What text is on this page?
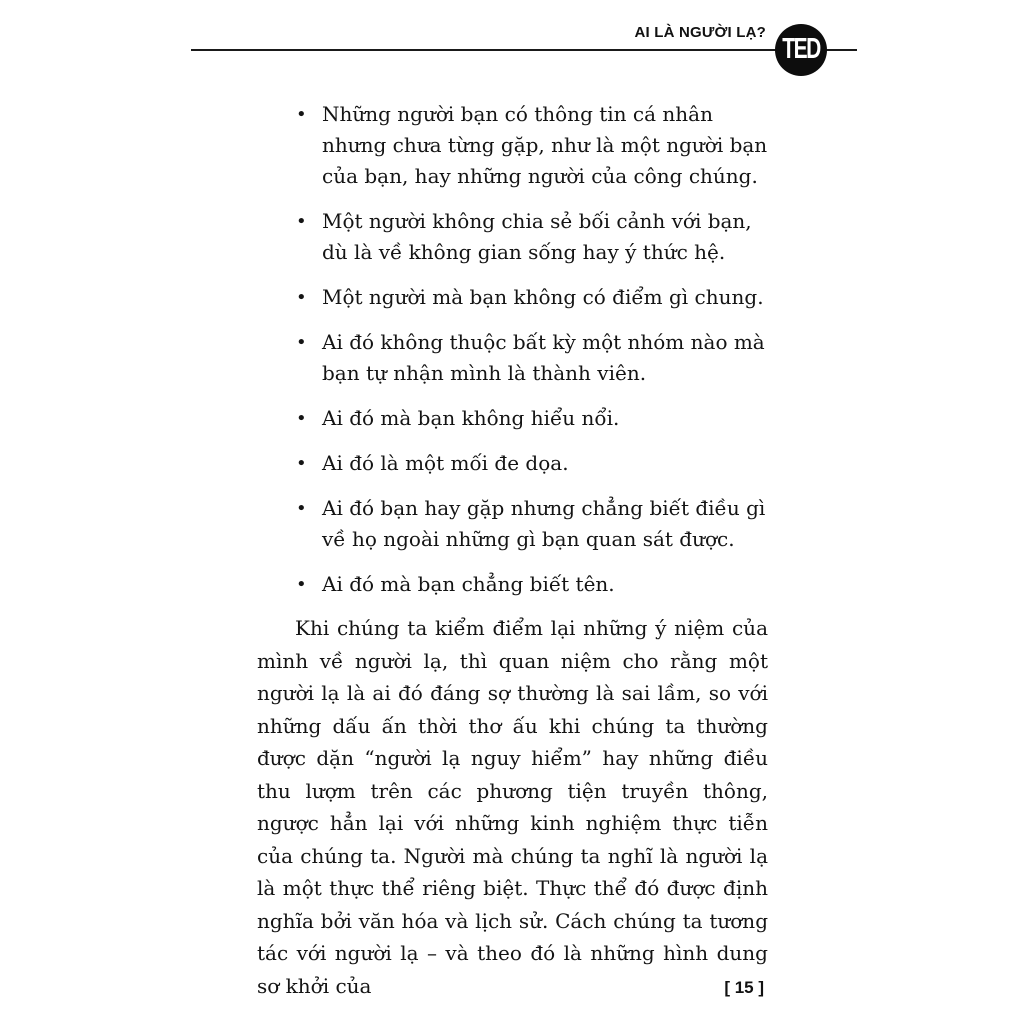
AI LÀ NGƯỜI LẠ?
TED
• Những người bạn có thông tin cá nhân nhưng chưa từng gặp, như là một người bạn của bạn, hay những người của công chúng.
• Một người không chia sẻ bối cảnh với bạn, dù là về không gian sống hay ý thức hệ.
• Một người mà bạn không có điểm gì chung.
• Ai đó không thuộc bất kỳ một nhóm nào mà bạn tự nhận mình là thành viên.
• Ai đó mà bạn không hiểu nổi.
• Ai đó là một mối đe dọa.
• Ai đó bạn hay gặp nhưng chẳng biết điều gì về họ ngoài những gì bạn quan sát được.
• Ai đó mà bạn chẳng biết tên.

Khi chúng ta kiểm điểm lại những ý niệm của mình về người lạ, thì quan niệm cho rằng một người lạ là ai đó đáng sợ thường là sai lầm, so với những dấu ấn thời thơ ấu khi chúng ta thường được dặn “người lạ nguy hiểm” hay những điều thu lượm trên các phương tiện truyền thông, ngược hẳn lại với những kinh nghiệm thực tiễn của chúng ta. Người mà chúng ta nghĩ là người lạ là một thực thể riêng biệt. Thực thể đó được định nghĩa bởi văn hóa và lịch sử. Cách chúng ta tương tác với người lạ – và theo đó là những hình dung sơ khởi của	[ 15 ]
